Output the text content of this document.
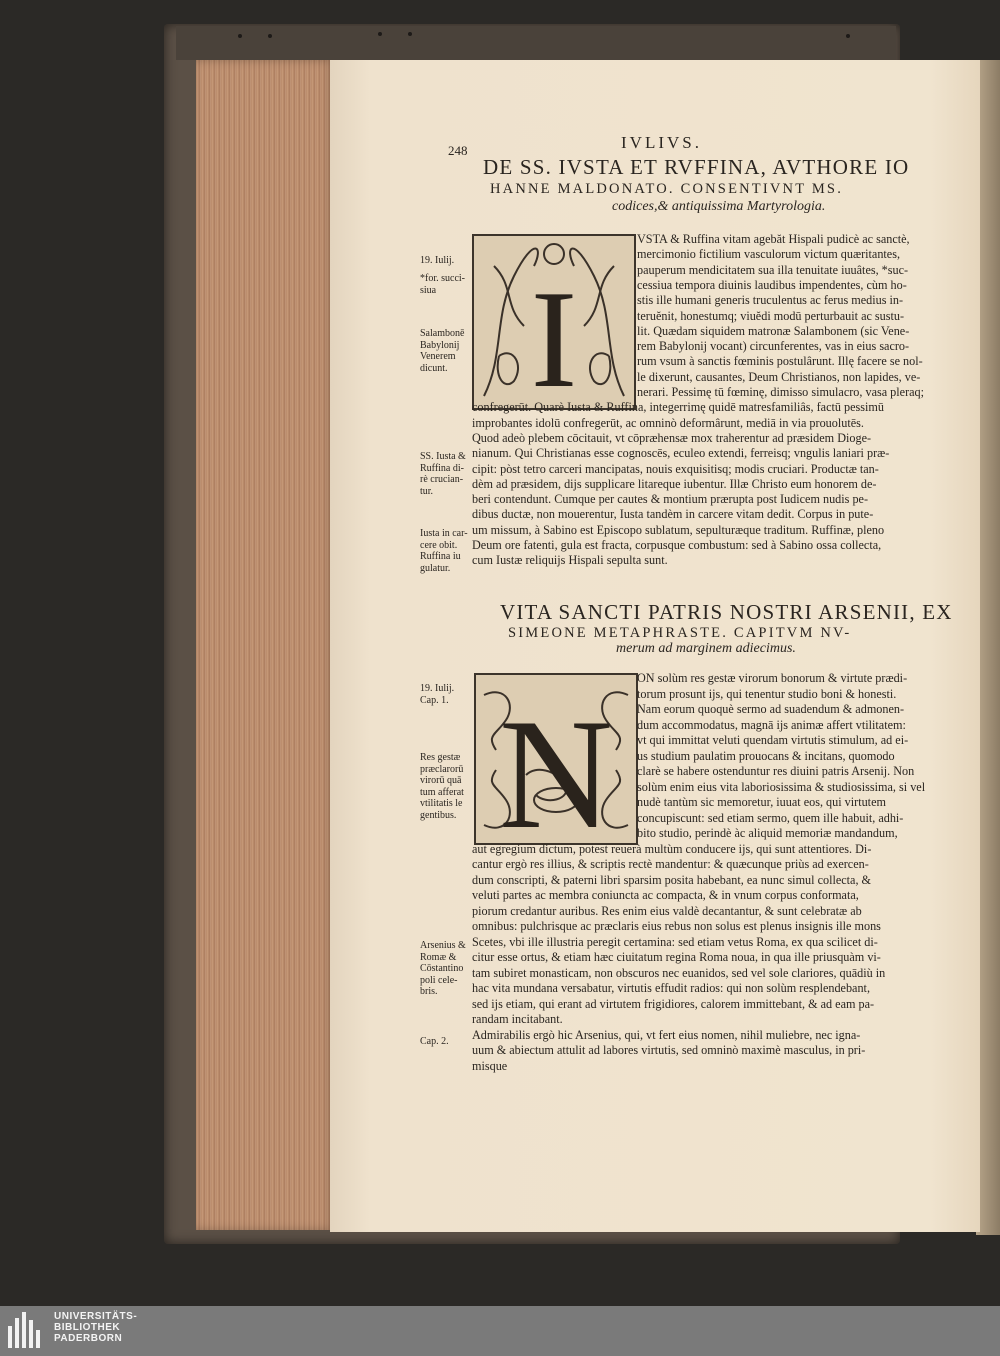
248	IVLIVS.
DE SS. IVSTA ET RVFFINA, AVTHORE IO
HANNE MALDONATO. CONSENTIVNT MS.
codices,& antiquissima Martyrologia.
I
VSTA & Ruffina vitam agebăt Hispali pudicè ac sanctè,
mercimonio fictilium vasculorum victum quæritantes,
pauperum mendicitatem sua illa tenuitate iuuâtes, *suc-
cessiua tempora diuinis laudibus impendentes, cùm ho-
stis ille humani generis truculentus ac ferus medius in-
teruĕnit, honestumq; viuĕdi modū perturbauit ac sustu-
lit. Quædam siquidem matronæ Salambonem (sic Vene-
rem Babylonij vocant) circunferentes, vas in eius sacro-
rum vsum à sanctis fœminis postulârunt. Illę facere se nol-
le dixerunt, causantes, Deum Christianos, non lapides, ve-
nerari. Pessimę tū fœminę, dimisso simulacro, vasa pleraq;
confregerūt. Quarè Iusta & Ruffina, integerrimę quidē matresfamiliâs, factū pessimū
improbantes idolū confregerūt, ac omninò deformârunt, mediā in via prouolutēs.
Quod adeò plebem cōcitauit, vt cōpræhensæ mox traherentur ad præsidem Dioge-
nianum. Qui Christianas esse cognoscēs, eculeo extendi, ferreisq; vngulis laniari præ-
cipit: pòst tetro carceri mancipatas, nouis exquisitisq; modis cruciari. Productæ tan-
dèm ad præsidem, dijs supplicare litareque iubentur. Illæ Christo eum honorem de-
beri contendunt. Cumque per cautes & montium prærupta post Iudicem nudis pe-
dibus ductæ, non mouerentur, Iusta tandèm in carcere vitam dedit. Corpus in pute-
um missum, à Sabino est Episcopo sublatum, sepulturæque traditum. Ruffinæ, pleno
Deum ore fatenti, gula est fracta, corpusque combustum: sed à Sabino ossa collecta,
cum Iustæ reliquijs Hispali sepulta sunt.
VITA SANCTI PATRIS NOSTRI ARSENII, EX
SIMEONE METAPHRASTE. CAPITVM NV-
merum ad marginem adiecimus.
N
ON solùm res gestæ virorum bonorum & virtute prædi-
torum prosunt ijs, qui tenentur studio boni & honesti.
Nam eorum quoquè sermo ad suadendum & admonen-
dum accommodatus, magnā ijs animæ affert vtilitatem:
vt qui immittat veluti quendam virtutis stimulum, ad ei-
us studium paulatim prouocans & incitans, quomodo
clarè se habere ostenduntur res diuini patris Arsenij. Non
solùm enim eius vita laboriosissima & studiosissima, si vel
nudè tantùm sic memoretur, iuuat eos, qui virtutem
concupiscunt: sed etiam sermo, quem ille habuit, adhi-
bito studio, perindè àc aliquid memoriæ mandandum,
aut egregium dictum, potest reuerà multùm conducere ijs, qui sunt attentiores. Di-
cantur ergò res illius, & scriptis rectè mandentur: & quæcunque priùs ad exercen-
dum conscripti, & paterni libri sparsim posita habebant, ea nunc simul collecta, &
veluti partes ac membra coniuncta ac compacta, & in vnum corpus conformata,
piorum credantur auribus. Res enim eius valdè decantantur, & sunt celebratæ ab
omnibus: pulchrisque ac præclaris eius rebus non solus est plenus insignis ille mons
Scetes, vbi ille illustria peregit certamina: sed etiam vetus Roma, ex qua scilicet di-
citur esse ortus, & etiam hæc ciuitatum regina Roma noua, in qua ille priusquàm vi-
tam subiret monasticam, non obscuros nec euanidos, sed vel sole clariores, quādiù in
hac vita mundana versabatur, virtutis effudit radios: qui non solùm resplendebant,
sed ijs etiam, qui erant ad virtutem frigidiores, calorem immittebant, & ad eam pa-
randam incitabant.
Admirabilis ergò hic Arsenius, qui, vt fert eius nomen, nihil muliebre, nec igna-
uum & abiectum attulit ad labores virtutis, sed omninò maximè masculus, in pri-
misque
19. Iulij.
*for. succi-
siua
Salambonē
Babylonij
Venerem
dicunt.
SS. Iusta &
Ruffina di-
rè crucian-
tur.
Iusta in car-
cere obit.
Ruffina iu
gulatur.
19. Iulij.
Cap. 1.
Res gestæ
præclarorū
virorū quā
tum afferat
vtilitatis le
gentibus.
Arsenius &
Romæ &
Cōstantino
poli cele-
bris.
Cap. 2.
UNIVERSITÄTS-
BIBLIOTHEK
PADERBORN
